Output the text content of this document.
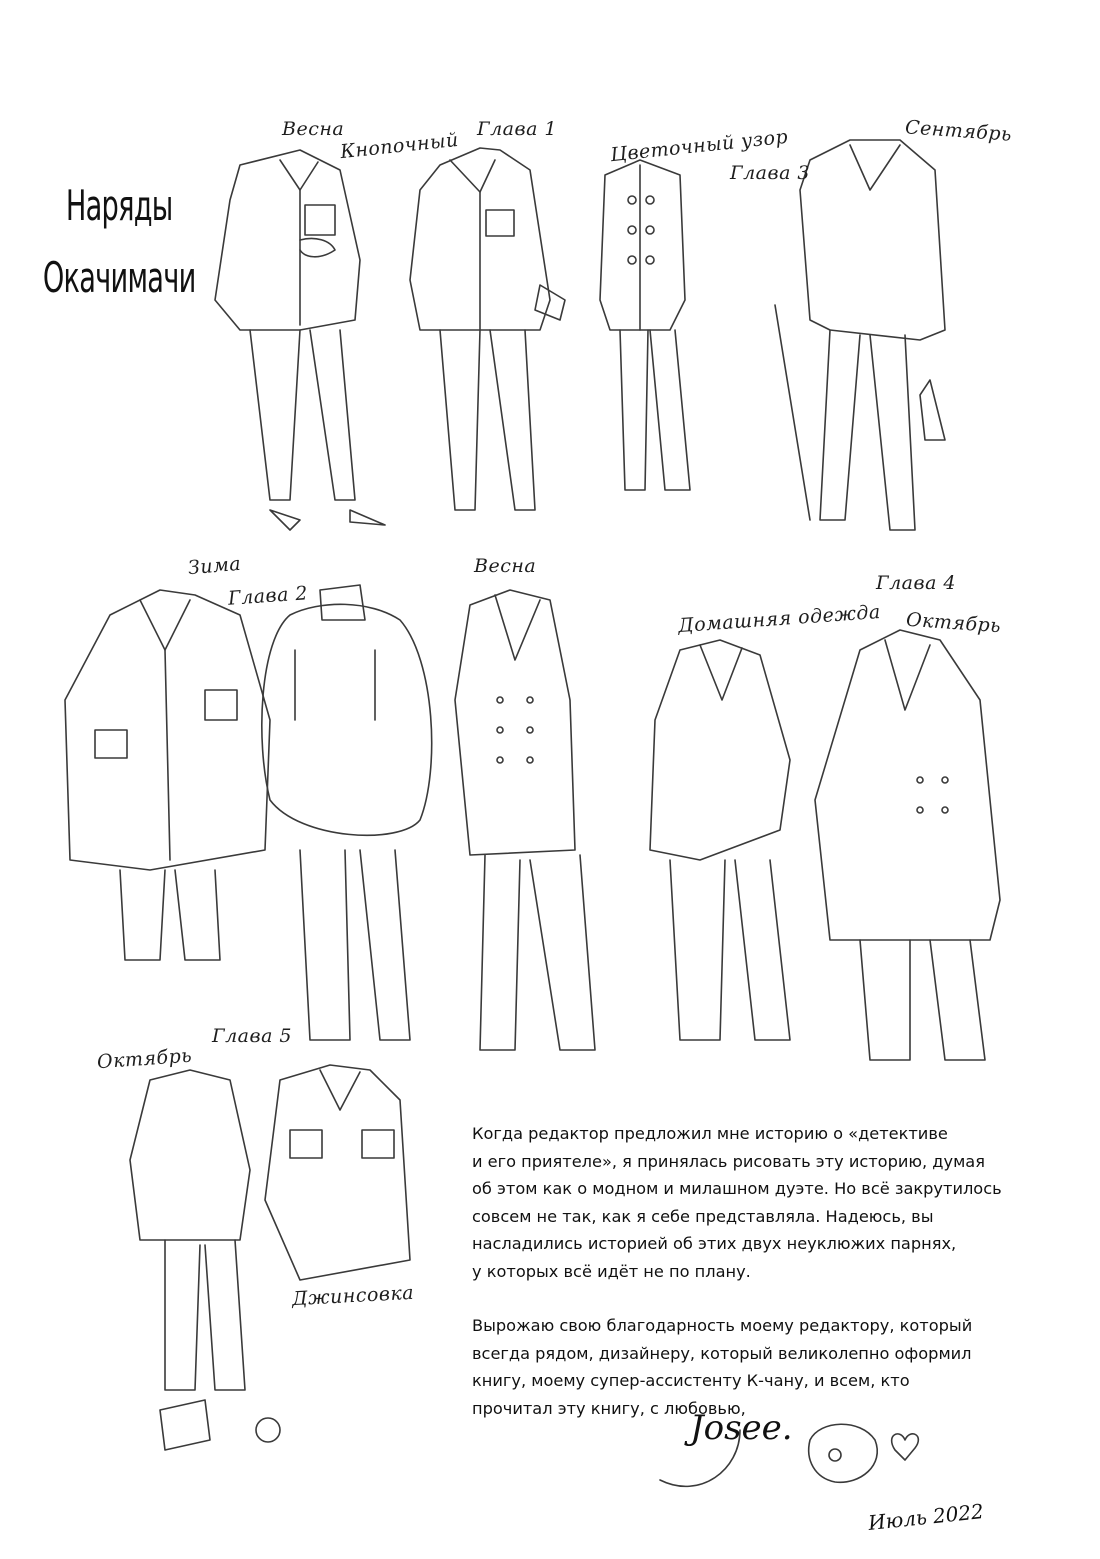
Наряды
Окачимачи
Весна
Кнопочный Глава 1	Цветочный узор
Глава 3
Сентябрь
Зима
Глава 2
Весна
Домашняя одежда
Глава 4
Октябрь
Октябрь
Глава 5
Джинсовка

Когда редактор предложил мне историю о «детективе
и его приятеле», я принялась рисовать эту историю, думая
об этом как о модном и милашном дуэте. Но всё закрутилось
совсем не так, как я себе представляла. Надеюсь, вы
насладились историей об этих двух неуклюжих парнях,
у которых всё идёт не по плану.

Вырожаю свою благодарность моему редактору, который
всегда рядом, дизайнеру, который великолепно оформил
книгу, моему супер-ассистенту К-чану, и всем, кто
прочитал эту книгу, с любовью,

Josee.
Июль 2022
